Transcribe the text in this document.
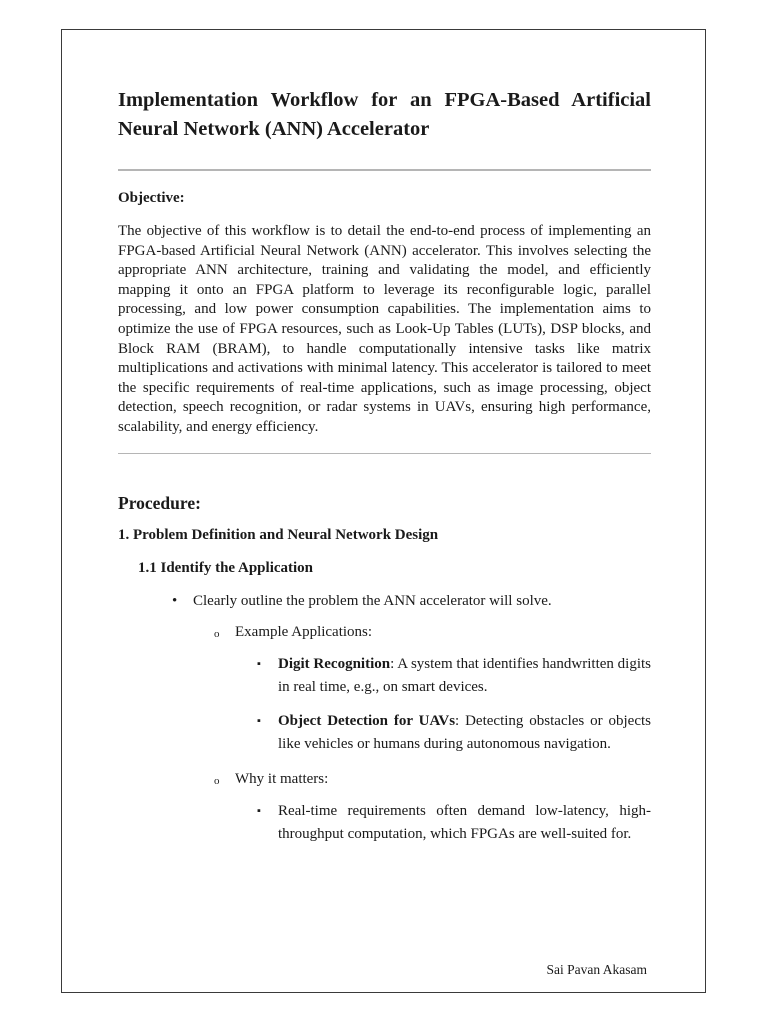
Implementation Workflow for an FPGA-Based Artificial Neural Network (ANN) Accelerator

Objective:

The objective of this workflow is to detail the end-to-end process of implementing an FPGA-based Artificial Neural Network (ANN) accelerator. This involves selecting the appropriate ANN architecture, training and validating the model, and efficiently mapping it onto an FPGA platform to leverage its reconfigurable logic, parallel processing, and low power consumption capabilities. The implementation aims to optimize the use of FPGA resources, such as Look-Up Tables (LUTs), DSP blocks, and Block RAM (BRAM), to handle computationally intensive tasks like matrix multiplications and activations with minimal latency. This accelerator is tailored to meet the specific requirements of real-time applications, such as image processing, object detection, speech recognition, or radar systems in UAVs, ensuring high performance, scalability, and energy efficiency.

Procedure:

1. Problem Definition and Neural Network Design

1.1 Identify the Application

• Clearly outline the problem the ANN accelerator will solve.
o Example Applications:
▪ Digit Recognition: A system that identifies handwritten digits in real time, e.g., on smart devices.
▪ Object Detection for UAVs: Detecting obstacles or objects like vehicles or humans during autonomous navigation.
o Why it matters:
▪ Real-time requirements often demand low-latency, high-throughput computation, which FPGAs are well-suited for.
Sai Pavan Akasam
